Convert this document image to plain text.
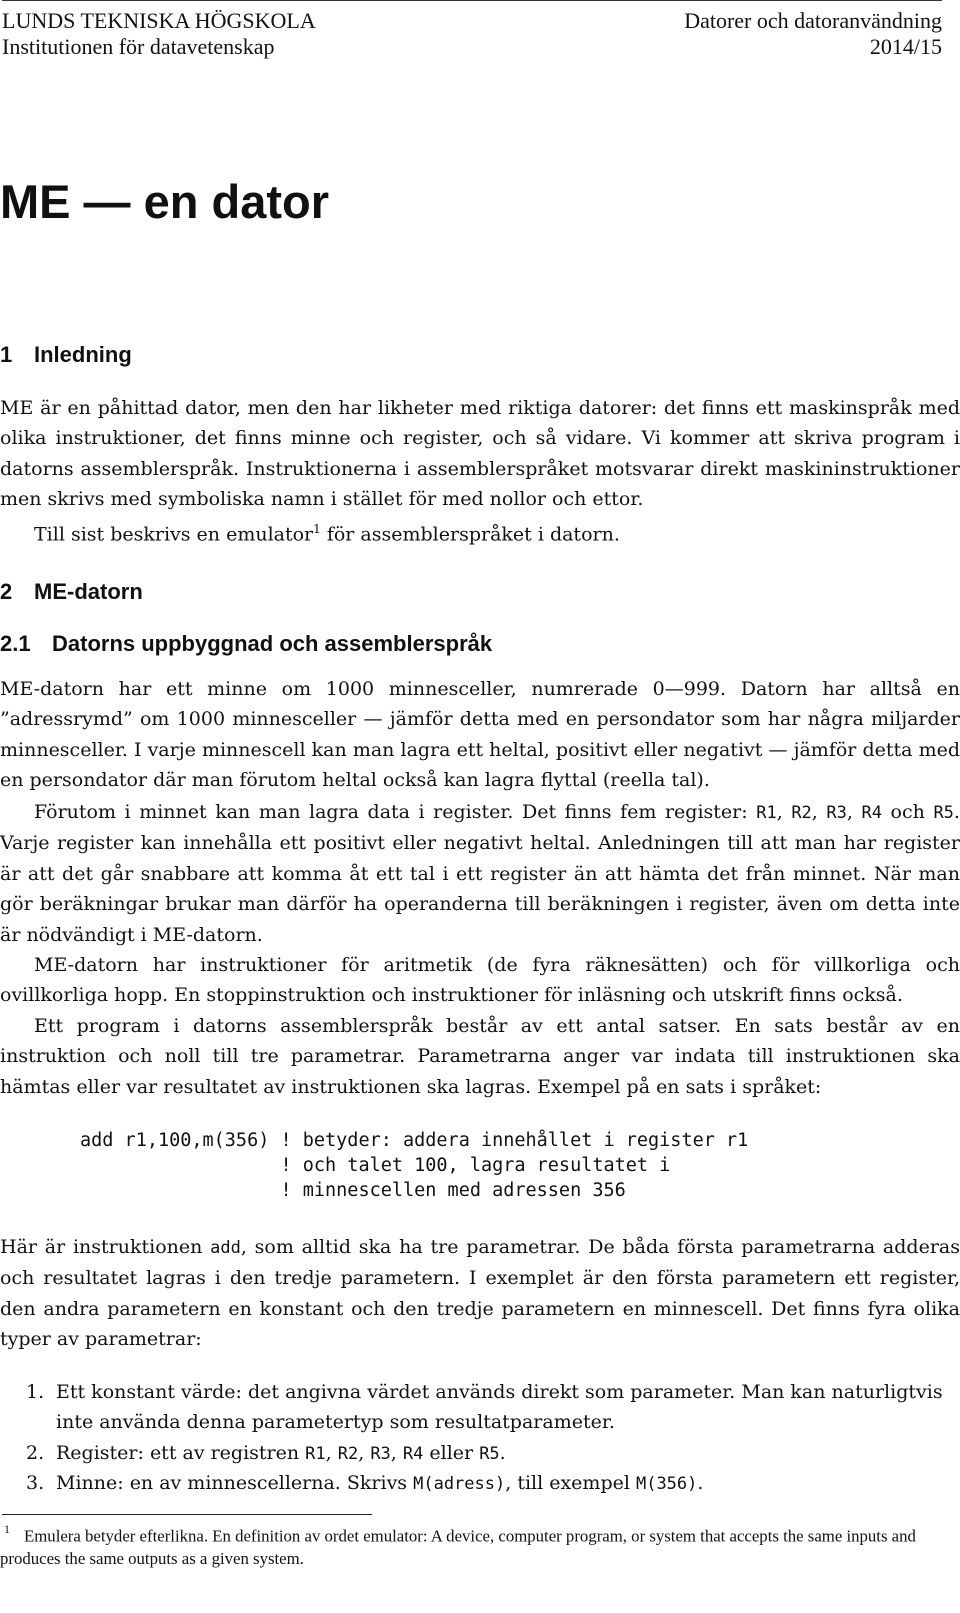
LUNDS TEKNISKA HÖGSKOLA
Institutionen för datavetenskap
Datorer och datoranvändning
2014/15
ME — en dator
1 Inledning

ME är en påhittad dator, men den har likheter med riktiga datorer: det finns ett maskinspråk med olika instruktioner, det finns minne och register, och så vidare. Vi kommer att skriva program i datorns assemblerspråk. Instruktionerna i assemblerspråket motsvarar direkt maskininstruktioner men skrivs med symboliska namn i stället för med nollor och ettor.

Till sist beskrivs en emulator$^1$ för assemblerspråket i datorn.

2 ME-datorn
2.1 Datorns uppbyggnad och assemblerspråk

ME-datorn har ett minne om 1000 minnesceller, numrerade 0—999. Datorn har alltså en ”adressrymd” om 1000 minnesceller — jämför detta med en persondator som har några miljarder minnesceller. I varje minnescell kan man lagra ett heltal, positivt eller negativt — jämför detta med en persondator där man förutom heltal också kan lagra flyttal (reella tal).

Förutom i minnet kan man lagra data i register. Det finns fem register: R1, R2, R3, R4 och R5. Varje register kan innehålla ett positivt eller negativt heltal. Anledningen till att man har register är att det går snabbare att komma åt ett tal i ett register än att hämta det från minnet. När man gör beräkningar brukar man därför ha operanderna till beräkningen i register, även om detta inte är nödvändigt i ME-datorn.

ME-datorn har instruktioner för aritmetik (de fyra räknesätten) och för villkorliga och ovillkorliga hopp. En stoppinstruktion och instruktioner för inläsning och utskrift finns också.

Ett program i datorns assemblerspråk består av ett antal satser. En sats består av en instruktion och noll till tre parametrar. Parametrarna anger var indata till instruktionen ska hämtas eller var resultatet av instruktionen ska lagras. Exempel på en sats i språket:

add r1,100,m(356) ! betyder: addera innehållet i register r1
! och talet 100, lagra resultatet i
! minnescellen med adressen 356

Här är instruktionen add, som alltid ska ha tre parametrar. De båda första parametrarna adderas och resultatet lagras i den tredje parametern. I exemplet är den första parametern ett register, den andra parametern en konstant och den tredje parametern en minnescell. Det finns fyra olika typer av parametrar:

1. Ett konstant värde: det angivna värdet används direkt som parameter. Man kan naturligtvis inte använda denna parametertyp som resultatparameter.
2. Register: ett av registren R1, R2, R3, R4 eller R5.
3. Minne: en av minnescellerna. Skrivs M(adress), till exempel M(356).
$^1$ Emulera betyder efterlikna. En definition av ordet emulator: A device, computer program, or system that accepts the same inputs and produces the same outputs as a given system.
